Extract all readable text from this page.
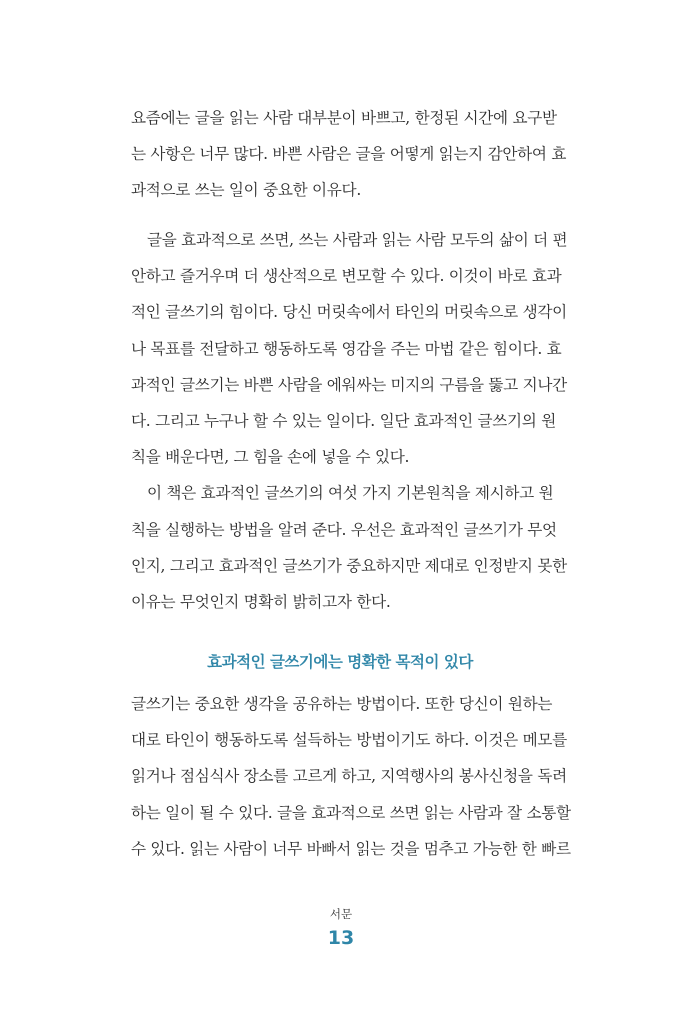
요즘에는 글을 읽는 사람 대부분이 바쁘고, 한정된 시간에 요구받
는 사항은 너무 많다. 바쁜 사람은 글을 어떻게 읽는지 감안하여 효
과적으로 쓰는 일이 중요한 이유다.
글을 효과적으로 쓰면, 쓰는 사람과 읽는 사람 모두의 삶이 더 편
안하고 즐거우며 더 생산적으로 변모할 수 있다. 이것이 바로 효과
적인 글쓰기의 힘이다. 당신 머릿속에서 타인의 머릿속으로 생각이
나 목표를 전달하고 행동하도록 영감을 주는 마법 같은 힘이다. 효
과적인 글쓰기는 바쁜 사람을 에워싸는 미지의 구름을 뚫고 지나간
다. 그리고 누구나 할 수 있는 일이다. 일단 효과적인 글쓰기의 원
칙을 배운다면, 그 힘을 손에 넣을 수 있다.
이 책은 효과적인 글쓰기의 여섯 가지 기본원칙을 제시하고 원
칙을 실행하는 방법을 알려 준다. 우선은 효과적인 글쓰기가 무엇
인지, 그리고 효과적인 글쓰기가 중요하지만 제대로 인정받지 못한
이유는 무엇인지 명확히 밝히고자 한다.
효과적인 글쓰기에는 명확한 목적이 있다
글쓰기는 중요한 생각을 공유하는 방법이다. 또한 당신이 원하는
대로 타인이 행동하도록 설득하는 방법이기도 하다. 이것은 메모를
읽거나 점심식사 장소를 고르게 하고, 지역행사의 봉사신청을 독려
하는 일이 될 수 있다. 글을 효과적으로 쓰면 읽는 사람과 잘 소통할
수 있다. 읽는 사람이 너무 바빠서 읽는 것을 멈추고 가능한 한 빠르
서문
13
